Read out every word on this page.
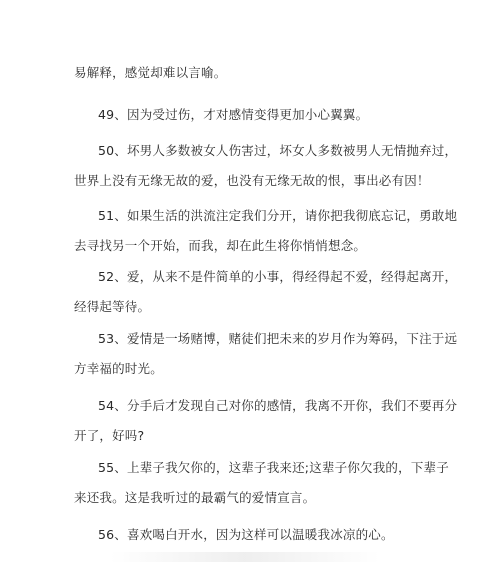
易解释，感觉却难以言喻。
49、因为受过伤，才对感情变得更加小心翼翼。
50、坏男人多数被女人伤害过，坏女人多数被男人无情抛弃过，
世界上没有无缘无故的爱，也没有无缘无故的恨，事出必有因！
51、如果生活的洪流注定我们分开，请你把我彻底忘记，勇敢地
去寻找另一个开始，而我，却在此生将你悄悄想念。
52、爱，从来不是件简单的小事，得经得起不爱，经得起离开，
经得起等待。
53、爱情是一场赌博，赌徒们把未来的岁月作为筹码，下注于远
方幸福的时光。
54、分手后才发现自己对你的感情，我离不开你，我们不要再分
开了，好吗?
55、上辈子我欠你的，这辈子我来还;这辈子你欠我的，下辈子
来还我。这是我听过的最霸气的爱情宣言。
56、喜欢喝白开水，因为这样可以温暖我冰凉的心。
